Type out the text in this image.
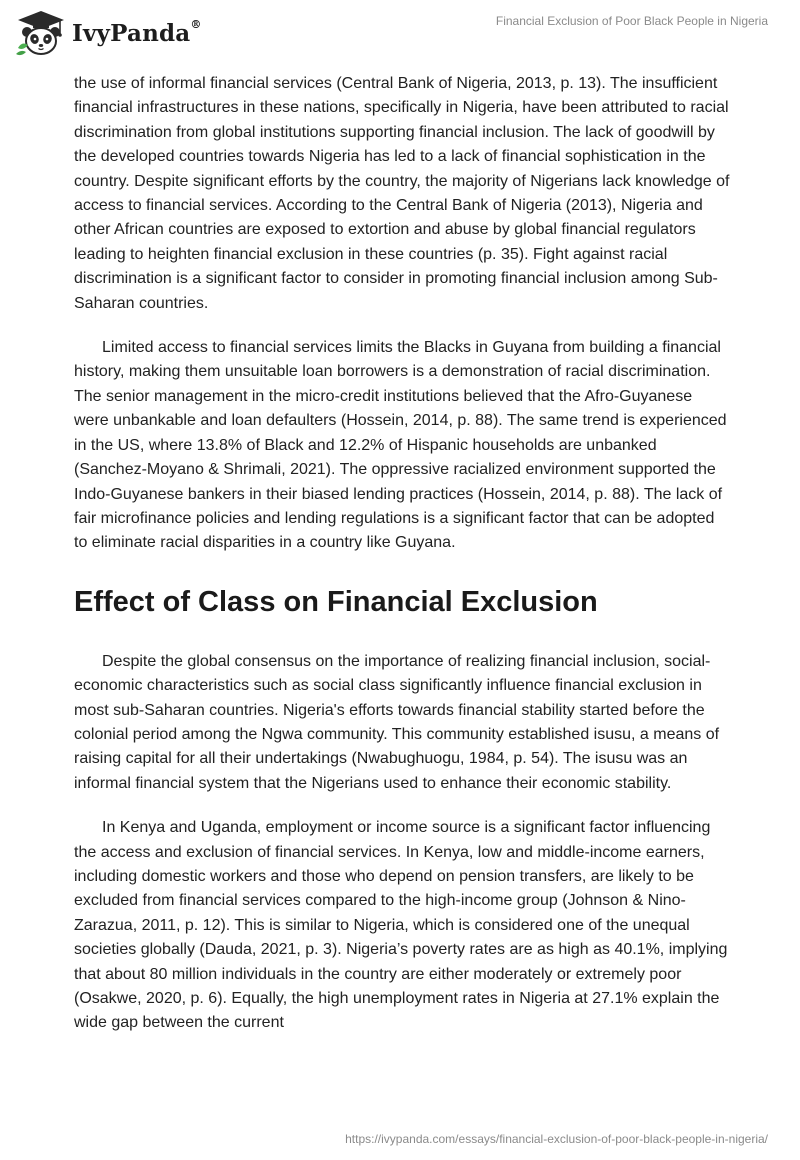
IvyPanda®	Financial Exclusion of Poor Black People in Nigeria

the use of informal financial services (Central Bank of Nigeria, 2013, p. 13). The insufficient financial infrastructures in these nations, specifically in Nigeria, have been attributed to racial discrimination from global institutions supporting financial inclusion. The lack of goodwill by the developed countries towards Nigeria has led to a lack of financial sophistication in the country. Despite significant efforts by the country, the majority of Nigerians lack knowledge of access to financial services. According to the Central Bank of Nigeria (2013), Nigeria and other African countries are exposed to extortion and abuse by global financial regulators leading to heighten financial exclusion in these countries (p. 35). Fight against racial discrimination is a significant factor to consider in promoting financial inclusion among Sub-Saharan countries.

Limited access to financial services limits the Blacks in Guyana from building a financial history, making them unsuitable loan borrowers is a demonstration of racial discrimination. The senior management in the micro-credit institutions believed that the Afro-Guyanese were unbankable and loan defaulters (Hossein, 2014, p. 88). The same trend is experienced in the US, where 13.8% of Black and 12.2% of Hispanic households are unbanked (Sanchez-Moyano & Shrimali, 2021). The oppressive racialized environment supported the Indo-Guyanese bankers in their biased lending practices (Hossein, 2014, p. 88). The lack of fair microfinance policies and lending regulations is a significant factor that can be adopted to eliminate racial disparities in a country like Guyana.

Effect of Class on Financial Exclusion

Despite the global consensus on the importance of realizing financial inclusion, social-economic characteristics such as social class significantly influence financial exclusion in most sub-Saharan countries. Nigeria's efforts towards financial stability started before the colonial period among the Ngwa community. This community established isusu, a means of raising capital for all their undertakings (Nwabughuogu, 1984, p. 54). The isusu was an informal financial system that the Nigerians used to enhance their economic stability.

In Kenya and Uganda, employment or income source is a significant factor influencing the access and exclusion of financial services. In Kenya, low and middle-income earners, including domestic workers and those who depend on pension transfers, are likely to be excluded from financial services compared to the high-income group (Johnson & Nino-Zarazua, 2011, p. 12). This is similar to Nigeria, which is considered one of the unequal societies globally (Dauda, 2021, p. 3). Nigeria’s poverty rates are as high as 40.1%, implying that about 80 million individuals in the country are either moderately or extremely poor (Osakwe, 2020, p. 6). Equally, the high unemployment rates in Nigeria at 27.1% explain the wide gap between the current

https://ivypanda.com/essays/financial-exclusion-of-poor-black-people-in-nigeria/
